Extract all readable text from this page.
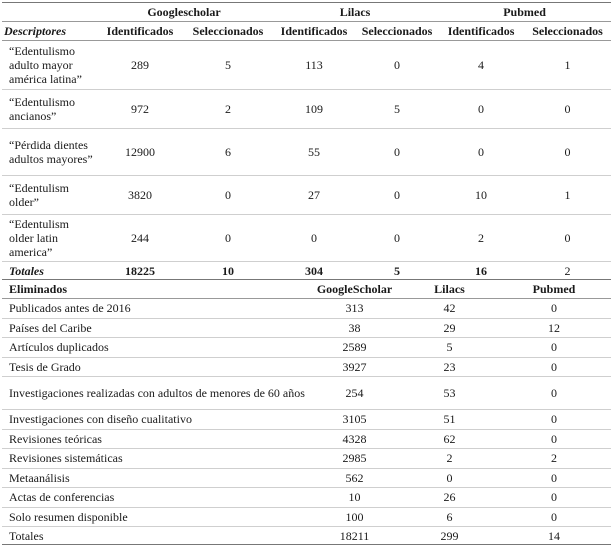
	Googlescholar		Lilacs		Pubmed	
Descriptores	Identificados	Seleccionados	Identificados	Seleccionados	Identificados	Seleccionados
“Edentulismo adulto mayor américa latina”	289	5	113	0	4	1
“Edentulismo ancianos”	972	2	109	5	0	0
“Pérdida dientes adultos mayores”	12900	6	55	0	0	0
“Edentulism older”	3820	0	27	0	10	1
“Edentulism older latin america”	244	0	0	0	2	0
Totales	18225	10	304	5	16	2
Eliminados	GoogleScholar	Lilacs	Pubmed
Publicados antes de 2016	313	42	0
Países del Caribe	38	29	12
Artículos duplicados	2589	5	0
Tesis de Grado	3927	23	0
Investigaciones realizadas con adultos de menores de 60 años	254	53	0
Investigaciones con diseño cualitativo	3105	51	0
Revisiones teóricas	4328	62	0
Revisiones sistemáticas	2985	2	2
Metaanálisis	562	0	0
Actas de conferencias	10	26	0
Solo resumen disponible	100	6	0
Totales	18211	299	14
